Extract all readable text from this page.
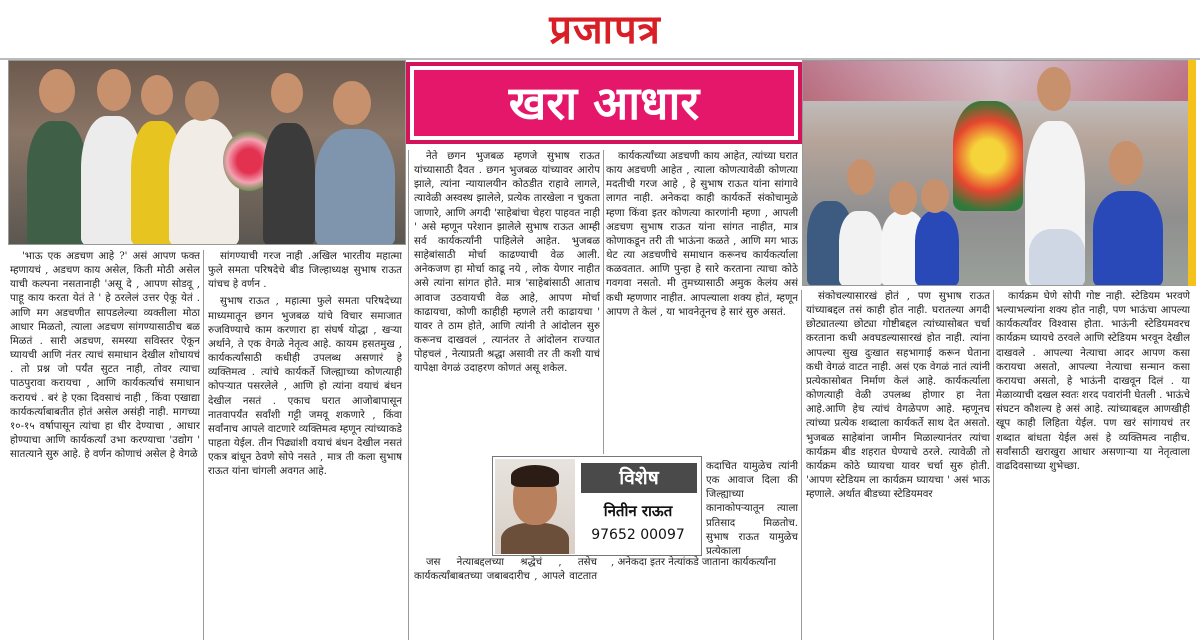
प्रजापत्र
खरा आधार

'भाऊ एक अडचण आहे ?' असं आपण फक्त म्हणायचं , अडचण काय असेल, किती मोठी असेल याची कल्पना नसतानाही 'असू दे , आपण सोडवू , पाहू काय करता येतं ते ' हे ठरलेलं उत्तर ऐकू येतं . आणि मग अडचणीत सापडलेल्या व्यक्तीला मोठा आधार मिळतो, त्याला अडचण सांगण्यासाठीच बळ मिळतं . सारी अडचण, समस्या सविस्तर ऐकून घ्यायची आणि नंतर त्याचं समाधान देखील शोधायचं . तो प्रश्न जो पर्यंत सुटत नाही, तोवर त्याचा पाठपुरावा करायचा , आणि कार्यकर्त्याचं समाधान करायचं . बरं हे एका दिवसाचं नाही , किंवा एखाद्या कार्यकर्त्याबाबतीत होतं असेल असंही नाही. मागच्या १०-१५ वर्षापासून त्यांचा हा धीर देण्याचा , आधार होण्याचा आणि कार्यकर्त्यां उभा करण्याचा 'उद्योग ' सातत्याने सुरु आहे. हे वर्णन कोणाचं असेल हे वेगळे

सांगण्याची गरज नाही .अखिल भारतीय महात्मा फुले समता परिषदेचे बीड जिल्हाध्यक्ष सुभाष राऊत यांचच हे वर्णन .

सुभाष राऊत , महात्मा फुले समता परिषदेच्या माध्यमातून छगन भुजबळ यांचे विचार समाजात रुजविण्याचे काम करणारा हा संघर्ष योद्धा , खऱ्या अर्थाने, ते एक वेगळे नेतृत्व आहे. कायम हसतमुख , कार्यकर्त्यांसाठी कधीही उपलब्ध असणारं हे व्यक्तिमत्व . त्यांचे कार्यकर्ते जिल्ह्याच्या कोणत्याही कोपऱ्यात पसरलेले , आणि हो त्यांना वयाचं बंधन देखील नसतं . एकाच घरात आजोबापासून नातवापर्यंत सर्वांशी गट्टी जमवू शकणारे , किंवा सर्वांनाच आपले वाटणारे व्यक्तिमत्व म्हणून त्यांच्याकडे पाहता येईल. तीन पिढ्यांशी वयाचं बंधन देखील नसतं एकत्र बांधून ठेवणे सोपे नसते , मात्र ती कला सुभाष राऊत यांना चांगली अवगत आहे.

नेते छगन भुजबळ म्हणजे सुभाष राऊत यांच्यासाठी दैवत . छगन भुजबळ यांच्यावर आरोप झाले, त्यांना न्यायालयीन कोठडीत राहावे लागले, त्यावेळी अस्वस्थ झालेले, प्रत्येक तारखेला न चुकता जाणारे, आणि अगदी 'साहेबांचा चेहरा पाहवत नाही ' असे म्हणून परेशान झालेले सुभाष राऊत आम्ही सर्व कार्यकर्त्यांनी पाहिलेले आहेत. भुजबळ साहेबांसाठी मोर्चा काढण्याची वेळ आली. अनेकजण हा मोर्चा काढू नये , लोक येणार नाहीत असे त्यांना सांगत होते. मात्र 'साहेबांसाठी आताच आवाज उठवायची वेळ आहे, आपण मोर्चा काढायचा, कोणी काहीही म्हणले तरी काढायचा ' यावर ते ठाम होते, आणि त्यांनी ते आंदोलन सुरु करूनच दाखवलं , त्यानंतर ते आंदोलन राज्यात पोहचलं , नेत्याप्रती श्रद्धा असावी तर ती कशी याचं यापेक्षा वेगळं उदाहरण कोणतं असू शकेल.

कार्यकर्त्यांच्या अडचणी काय आहेत, त्यांच्या घरात काय अडचणी आहेत , त्याला कोणत्यावेळी कोणत्या मदतीची गरज आहे , हे सुभाष राऊत यांना सांगावे लागत नाही. अनेकदा काही कार्यकर्ते संकोचामुळे म्हणा किंवा इतर कोणत्या कारणांनी म्हणा , आपली अडचण सुभाष राऊत यांना सांगत नाहीत, मात्र कोणाकडून तरी ती भाऊंना कळते , आणि मग भाऊ थेट त्या अडचणीचे समाधान करूनच कार्यकर्त्याला कळवतात. आणि पुन्हा हे सारे करताना त्याचा कोठे गवगवा नसतो. मी तुमच्यासाठी अमुक केलंय असं कधी म्हणणार नाहीत. आपल्याला शक्य होतं, म्हणून आपण ते केलं , या भावनेतूनच हे सारं सुरु असतं.

कदाचित यामुळेच त्यांनी एक आवाज दिला की जिल्ह्याच्या कानाकोपऱ्यातून त्याला प्रतिसाद मिळतोच. सुभाष राऊत यामुळेच प्रत्येकाला

जस नेत्याबद्दलच्या श्रद्धेचं , तसेच कार्यकर्त्यांबाबतच्या जबाबदारीच , आपले वाटतात , अनेकदा इतर नेत्यांकडे जाताना कार्यकर्त्यांना

संकोचल्यासारखं होतं , पण सुभाष राऊत यांच्याबद्दल तसं काही होत नाही. घरातल्या अगदी छोट्यातल्या छोट्या गोष्टीबद्दल त्यांच्यासोबत चर्चा करताना कधी अवघडल्यासारखं होत नाही. त्यांना आपल्या सुख दुःखात सहभागाई करून घेताना कधी वेगळं वाटत नाही. असं एक वेगळं नातं त्यांनी प्रत्येकासोबत निर्माण केलं आहे. कार्यकर्त्याला कोणत्याही वेळी उपलब्ध होणार हा नेता आहे.आणि हेच त्यांचं वेगळेपण आहे. म्हणूनच त्यांच्या प्रत्येक शब्दाला कार्यकर्ते साथ देत असतो. भुजबळ साहेबांना जामीन मिळाल्यानंतर त्यांचा कार्यक्रम बीड शहरात घेण्याचे ठरले. त्यावेळी तो कार्यक्रम कोठे घ्यायचा यावर चर्चा सुरु होती. 'आपण स्टेडियम ला कार्यक्रम घ्यायचा ' असं भाऊ म्हणाले. अर्थात बीडच्या स्टेडियमवर

कार्यक्रम घेणे सोपी गोष्ट नाही. स्टेडियम भरवणे भल्याभल्यांना शक्य होत नाही, पण भाऊंचा आपल्या कार्यकर्त्यांवर विश्वास होता. भाऊंनी स्टेडियमवरच कार्यक्रम घ्यायचे ठरवले आणि स्टेडियम भरवून देखील दाखवले . आपल्या नेत्याचा आदर आपण कसा करायचा असतो, आपल्या नेत्याचा सन्मान कसा करायचा असतो, हे भाऊंनी दाखवून दिलं . या मेळाव्याची दखल स्वतः शरद पवारांनी घेतली . भाऊंचे संघटन कौशल्य हे असं आहे. त्यांच्याबद्दल आणखीही खूप काही लिहिता येईल. पण खरं सांगायचं तर शब्दात बांधता येईल असं हे व्यक्तिमत्व नाहीच. सर्वांसाठी खराखुरा आधार असणाऱ्या या नेतृत्वाला वाढदिवसाच्या शुभेच्छा.

विशेष
नितीन राऊत
97652 00097
